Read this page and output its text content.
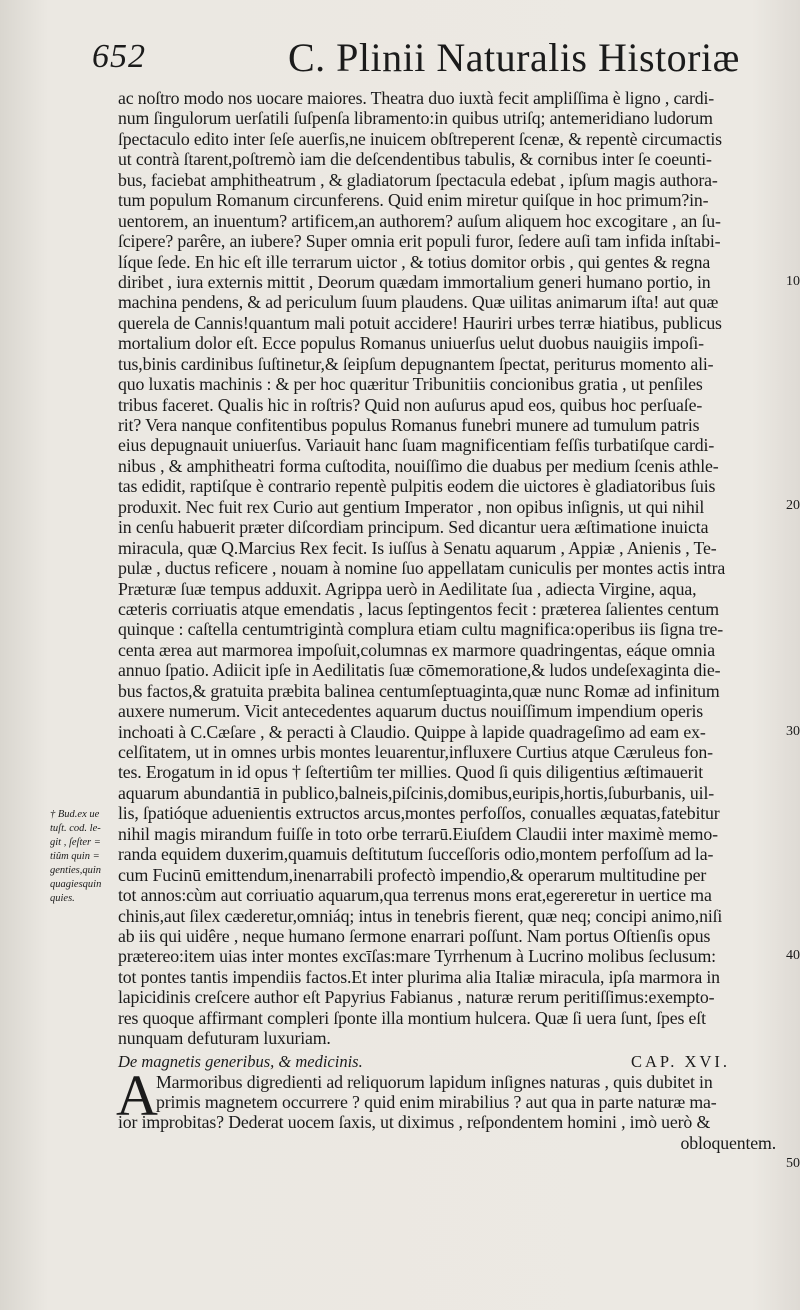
652	C. Plinii Naturalis Historiæ
† Bud.ex ue
tuſt. cod. le-
git , ſeſter =
tiûm quin =
genties,quin
quagiesquin
quies.
10
20
30
40
50
ac noſtro modo nos uocare maiores. Theatra duo iuxtà fecit ampliſſima è ligno , cardi-
num ſingulorum uerſatili ſuſpenſa libramento:in quibus utriſq; antemeridiano ludorum
ſpectaculo edito inter ſeſe auerſis,ne inuicem obſtreperent ſcenæ, & repentè circumactis
ut contrà ſtarent,poſtremò iam die deſcendentibus tabulis, & cornibus inter ſe coeunti-
bus, faciebat amphitheatrum , & gladiatorum ſpectacula edebat , ipſum magis authora-
tum populum Romanum circunferens. Quid enim miretur quiſque in hoc primum?in-
uentorem, an inuentum? artificem,an authorem? auſum aliquem hoc excogitare , an ſu-
ſcipere? parêre, an iubere? Super omnia erit populi furor, ſedere auſi tam infida inſtabi-
líque ſede. En hic eſt ille terrarum uictor , & totius domitor orbis , qui gentes & regna
diribet , iura externis mittit , Deorum quædam immortalium generi humano portio, in
machina pendens, & ad periculum ſuum plaudens. Quæ uilitas animarum iſta! aut quæ
querela de Cannis!quantum mali potuit accidere! Hauriri urbes terræ hiatibus, publicus
mortalium dolor eſt. Ecce populus Romanus uniuerſus uelut duobus nauigiis impoſi-
tus,binis cardinibus ſuſtinetur,& ſeipſum depugnantem ſpectat, periturus momento ali-
quo luxatis machinis : & per hoc quæritur Tribunitiis concionibus gratia , ut penſiles
tribus faceret. Qualis hic in roſtris? Quid non auſurus apud eos, quibus hoc perſuaſe-
rit? Vera nanque confitentibus populus Romanus funebri munere ad tumulum patris
eius depugnauit uniuerſus. Variauit hanc ſuam magnificentiam feſſis turbatiſque cardi-
nibus , & amphitheatri forma cuſtodita, nouiſſimo die duabus per medium ſcenis athle-
tas edidit, raptiſque è contrario repentè pulpitis eodem die uictores è gladiatoribus ſuis
produxit. Nec fuit rex Curio aut gentium Imperator , non opibus inſignis, ut qui nihil
in cenſu habuerit præter diſcordiam principum. Sed dicantur uera æſtimatione inuicta
miracula, quæ Q.Marcius Rex fecit. Is iuſſus à Senatu aquarum , Appiæ , Anienis , Te-
pulæ , ductus reficere , nouam à nomine ſuo appellatam cuniculis per montes actis intra
Præturæ ſuæ tempus adduxit. Agrippa uerò in Aedilitate ſua , adiecta Virgine, aqua,
cæteris corriuatis atque emendatis , lacus ſeptingentos fecit : præterea ſalientes centum
quinque : caſtella centumtrigintà complura etiam cultu magnifica:operibus iis ſigna tre-
centa ærea aut marmorea impoſuit,columnas ex marmore quadringentas, eáque omnia
annuo ſpatio. Adiicit ipſe in Aedilitatis ſuæ cōmemoratione,& ludos undeſexaginta die-
bus factos,& gratuita præbita balinea centumſeptuaginta,quæ nunc Romæ ad infinitum
auxere numerum. Vicit antecedentes aquarum ductus nouiſſimum impendium operis
inchoati à C.Cæſare , & peracti à Claudio. Quippe à lapide quadrageſimo ad eam ex-
celſitatem, ut in omnes urbis montes leuarentur,influxere Curtius atque Cæruleus fon-
tes. Erogatum in id opus † ſeſtertiûm ter millies. Quod ſi quis diligentius æſtimauerit
aquarum abundantiā in publico,balneis,piſcinis,domibus,euripis,hortis,ſuburbanis, uil-
lis, ſpatióque aduenientis extructos arcus,montes perfoſſos, conualles æquatas,fatebitur
nihil magis mirandum fuiſſe in toto orbe terrarū.Eiuſdem Claudii inter maximè memo-
randa equidem duxerim,quamuis deſtitutum ſucceſſoris odio,montem perfoſſum ad la-
cum Fucinū emittendum,inenarrabili profectò impendio,& operarum multitudine per
tot annos:cùm aut corriuatio aquarum,qua terrenus mons erat,egereretur in uertice ma
chinis,aut ſilex cæderetur,omniáq; intus in tenebris fierent, quæ neq; concipi animo,niſi
ab iis qui uidêre , neque humano ſermone enarrari poſſunt. Nam portus Oſtienſis opus
prætereo:item uias inter montes excīſas:mare Tyrrhenum à Lucrino molibus ſeclusum:
tot pontes tantis impendiis factos.Et inter plurima alia Italiæ miracula, ipſa marmora in
lapicidinis creſcere author eſt Papyrius Fabianus , naturæ rerum peritiſſimus:exempto-
res quoque affirmant compleri ſponte illa montium hulcera. Quæ ſi uera ſunt, ſpes eſt
nunquam defuturam luxuriam.
De magnetis generibus, & medicinis.	CAP. XVI.
A
Marmoribus digredienti ad reliquorum lapidum inſignes naturas , quis dubitet in
primis magnetem occurrere ? quid enim mirabilius ? aut qua in parte naturæ ma-
ior improbitas? Dederat uocem ſaxis, ut diximus , reſpondentem homini , imò uerò &
obloquentem.
